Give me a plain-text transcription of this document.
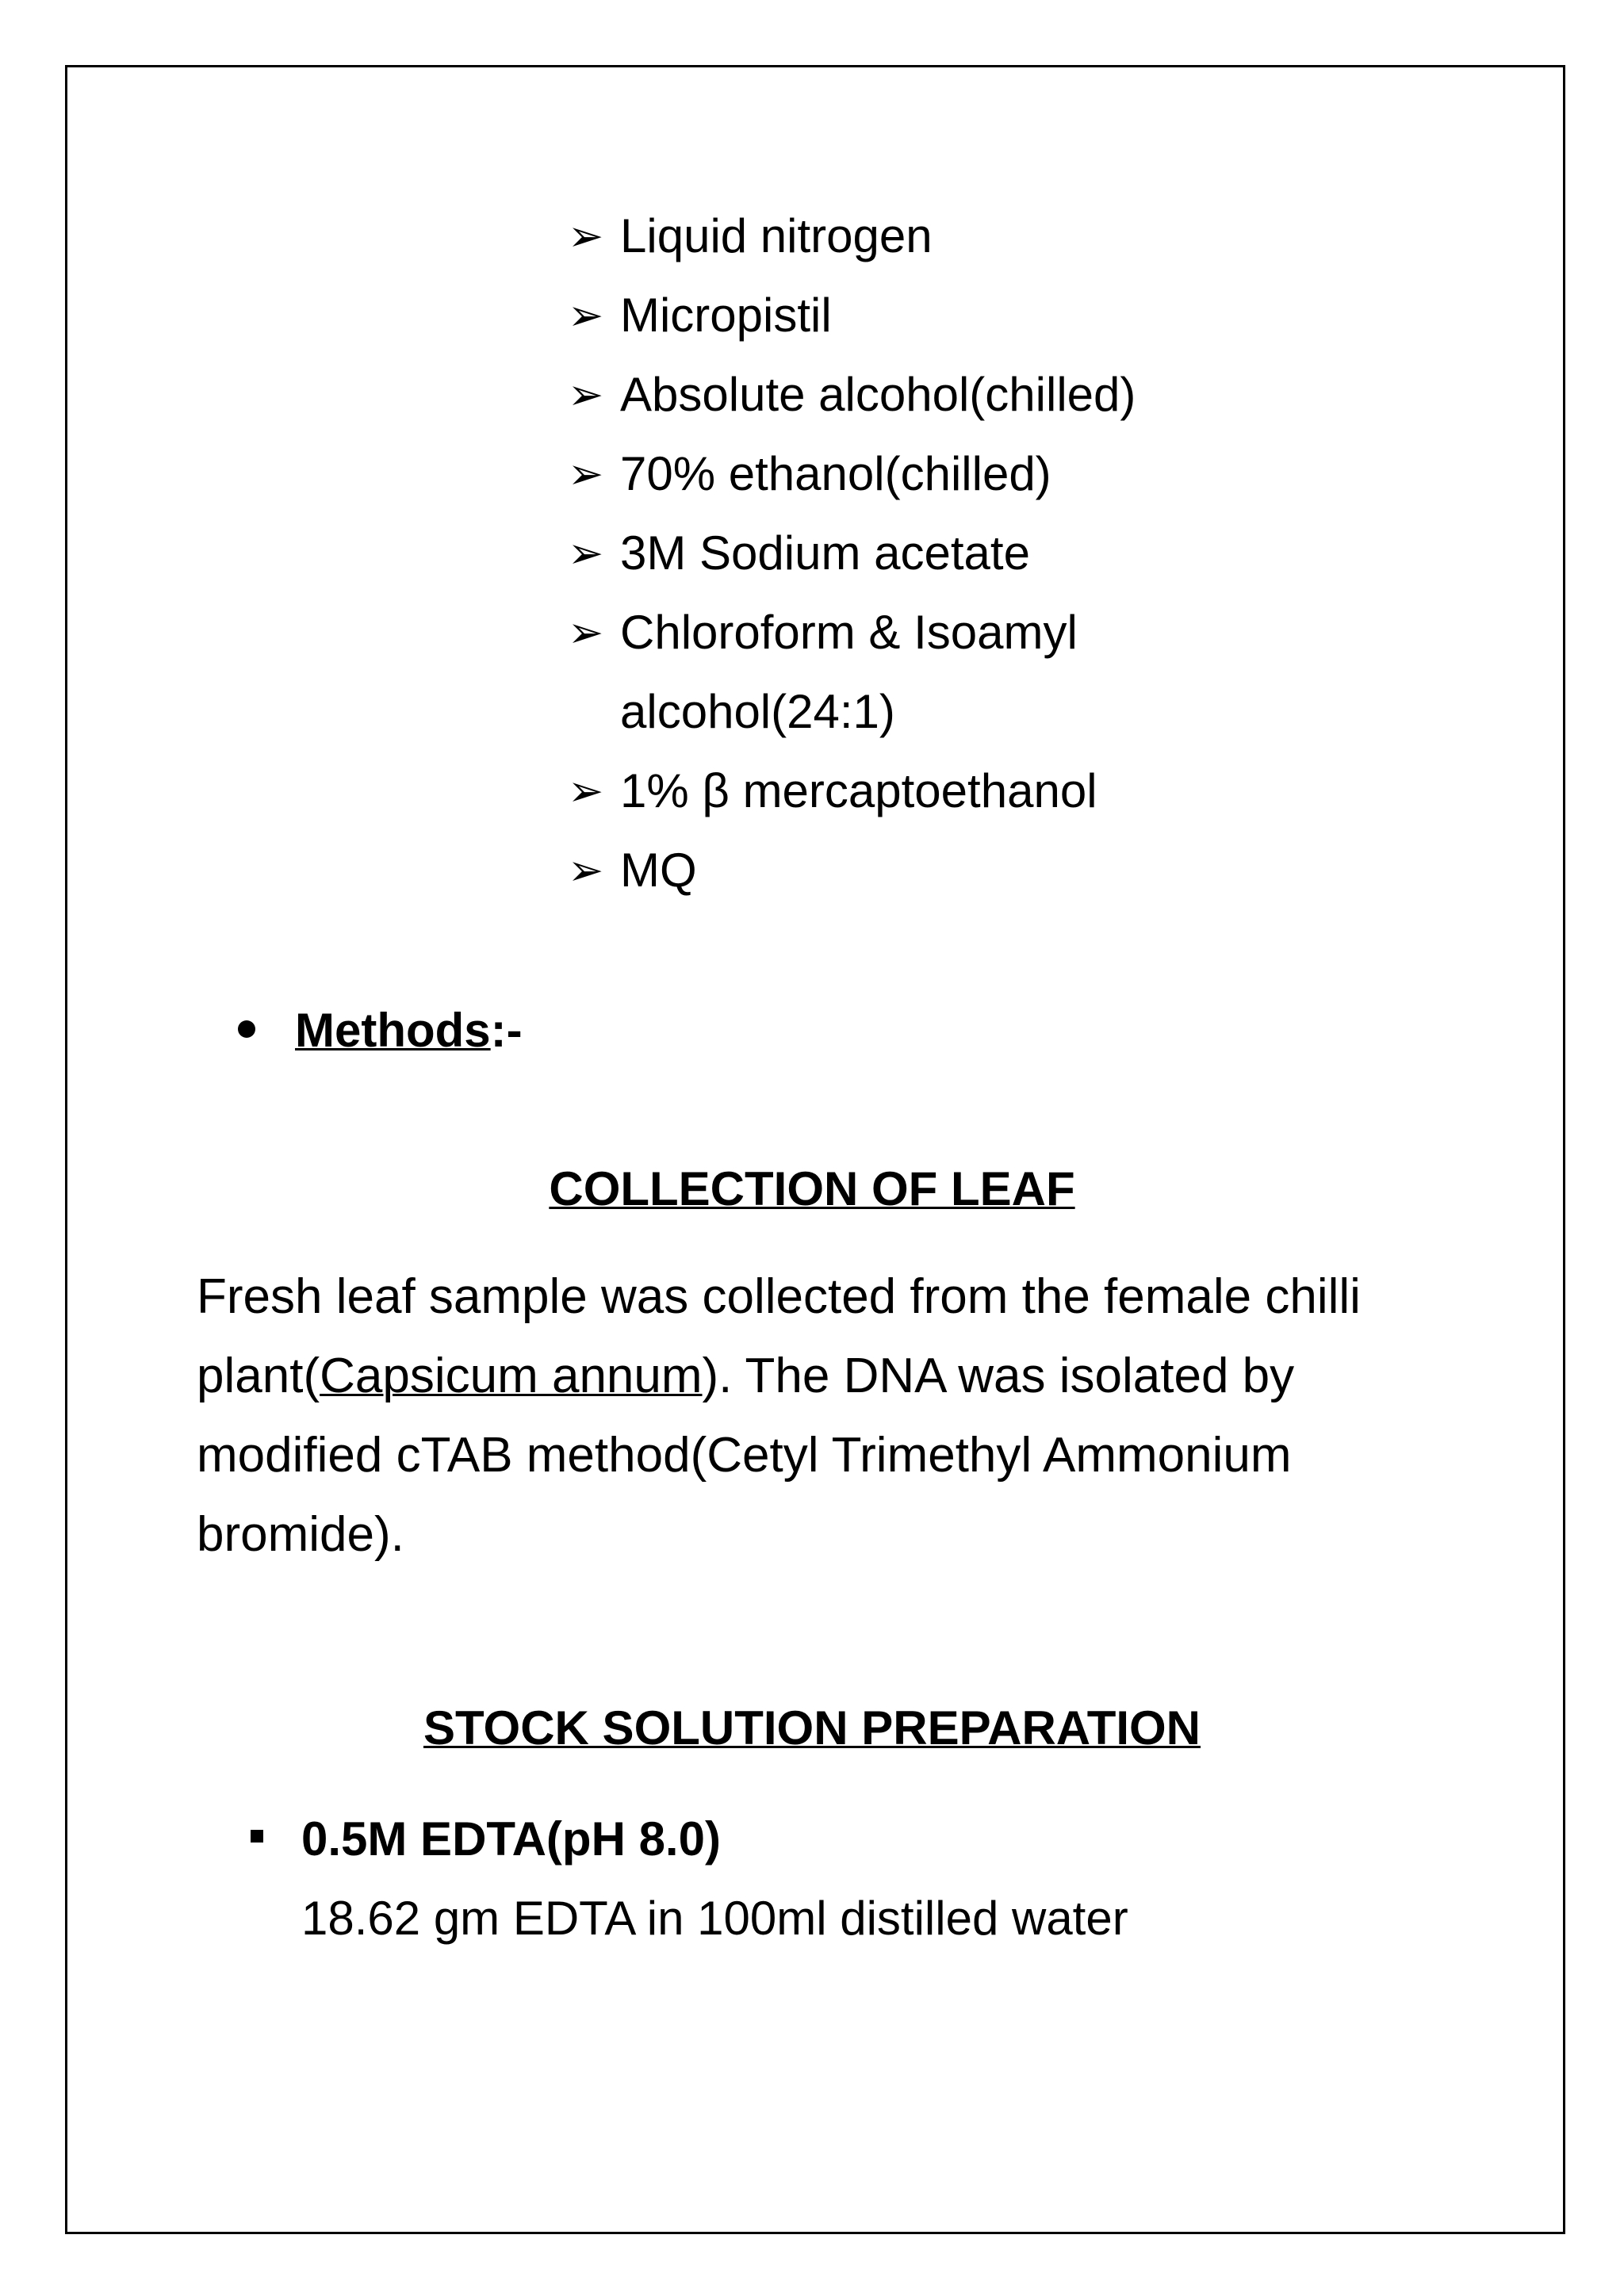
➢ Liquid nitrogen
➢ Micropistil
➢ Absolute alcohol(chilled)
➢ 70% ethanol(chilled)
➢ 3M Sodium acetate
➢ Chloroform & Isoamyl
alcohol(24:1)
➢ 1% β mercaptoethanol
➢ MQ
Methods:-
COLLECTION OF LEAF

Fresh leaf sample was collected from the female chilli plant(Capsicum annum). The DNA was isolated by modified cTAB method(Cetyl Trimethyl Ammonium bromide).

STOCK SOLUTION PREPARATION
0.5M EDTA(pH 8.0)
18.62 gm EDTA in 100ml distilled water
